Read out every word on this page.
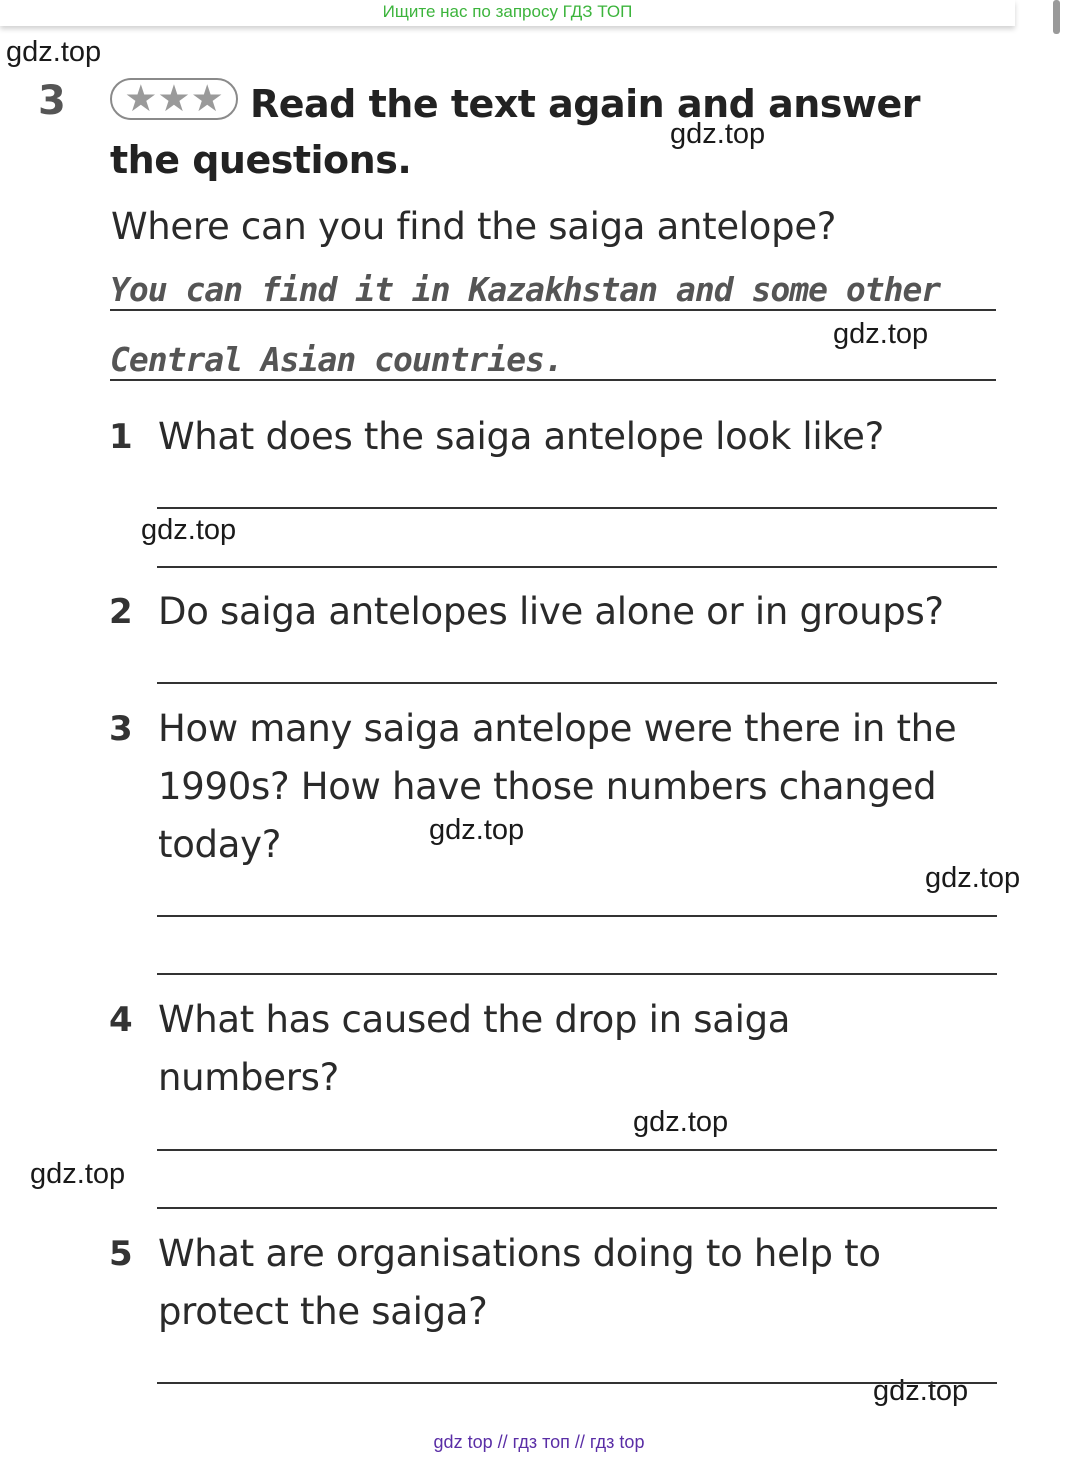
Ищите нас по запросу ГДЗ ТОП
gdz.top
gdz.top
gdz.top
gdz.top
gdz.top
gdz.top
gdz.top
gdz.top
gdz.top
3 ★★★ Read the text again and answer the questions.

Where can you find the saiga antelope?

You can find it in Kazakhstan and some other
Central Asian countries.
1 What does the saiga antelope look like?

2 Do saiga antelopes live alone or in groups?

3 How many saiga antelope were there in the 1990s? How have those numbers changed today?

4 What has caused the drop in saiga numbers?

5 What are organisations doing to help to protect the saiga?

gdz top // гдз топ // гдз top
